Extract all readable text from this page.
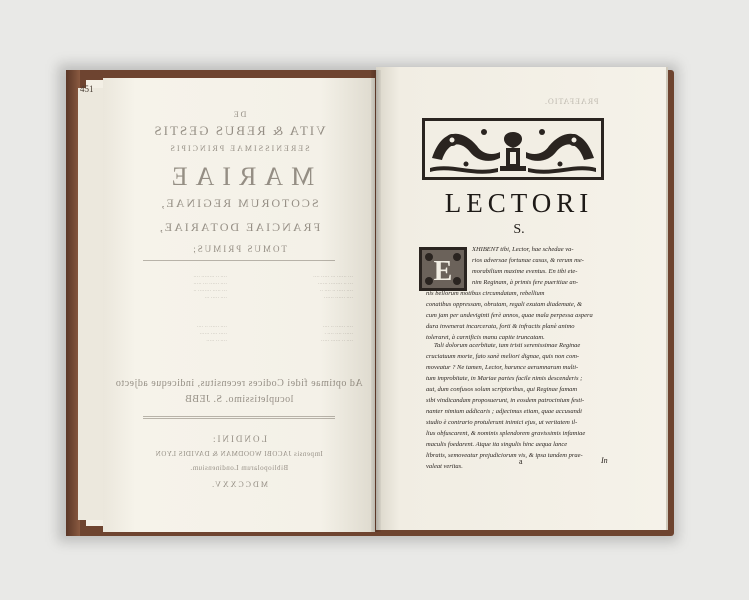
451
DE
VITA & REBUS GESTIS
SERENISSIMAE PRINCIPIS
MARIAE
SCOTORUM REGINAE,
FRANCIAE DOTARIAE,
TOMUS PRIMUS;
··· ······ ··· ····· ····
··· ·· ········ ······
···· ····· ·· ···· ··
···· ······ ······
···· ·· ········ ····
···· ······ ··· ·····
··· ····· ········ ··
···· ····· ···
···· ······ ·· ····
······ ···· ···· ·
···· ·· ······ ·····
···· ······ ·· ····
····· ···· ······
···· ·· ·····
Ad optimae fidei Codices recensitus, indiceque adjecto
locupletissimo. S. JEBB
LONDINI:
Impensis JACOBI WOODMAN & DAVIDIS LYON
Bibliopolarum Londinensium.
MDCCXXV.
PRAEFATIO.
LECTORI
S.
E
XHIBENT tibi, Lector, hae schedae va-
rios adversae fortunae casus, & rerum me-
morabilium maxime eventus. En tibi ete-
nim Reginam, à primis fere pueritiae an-
nis bellorum motibus circumdatam, rebellium
conatibus oppressam, obrutam, regali exutam diademate, &
cum jam per undeviginti ferè annos, quae mala perpessa aspera
dura invenerat incarcerata, forti & infractis planè animo
toleraret, à carnificis manu capite truncatam.
Tali dolorum acerbitate, tam tristi serenissimae Reginae
cruciatuum morte, fato sanè meliori dignae, quis non com-
moveatur ? Ne tamen, Lector, harunce aerumnarum multi-
tum improbitate, in Mariae partes facile nimis descenderis ;
aut, dum confusos solum scriptoribus, qui Reginae famam
sibi vindicandam proposuerunt, in eosdem patrocinium festi-
nanter nimium addicaris ; adjecimus etiam, quae accusandi
studio è contrario protulerunt inimici ejus, ut veritatem il-
lius obfuscarent, & nominis splendorem gravissimis infamiae
maculis foedarent. Atque ita singulis hinc aequa lance
libratis, semoveatur prejudiciorum vis, & ipsa tandem prae-
valeat veritas.
a	In
